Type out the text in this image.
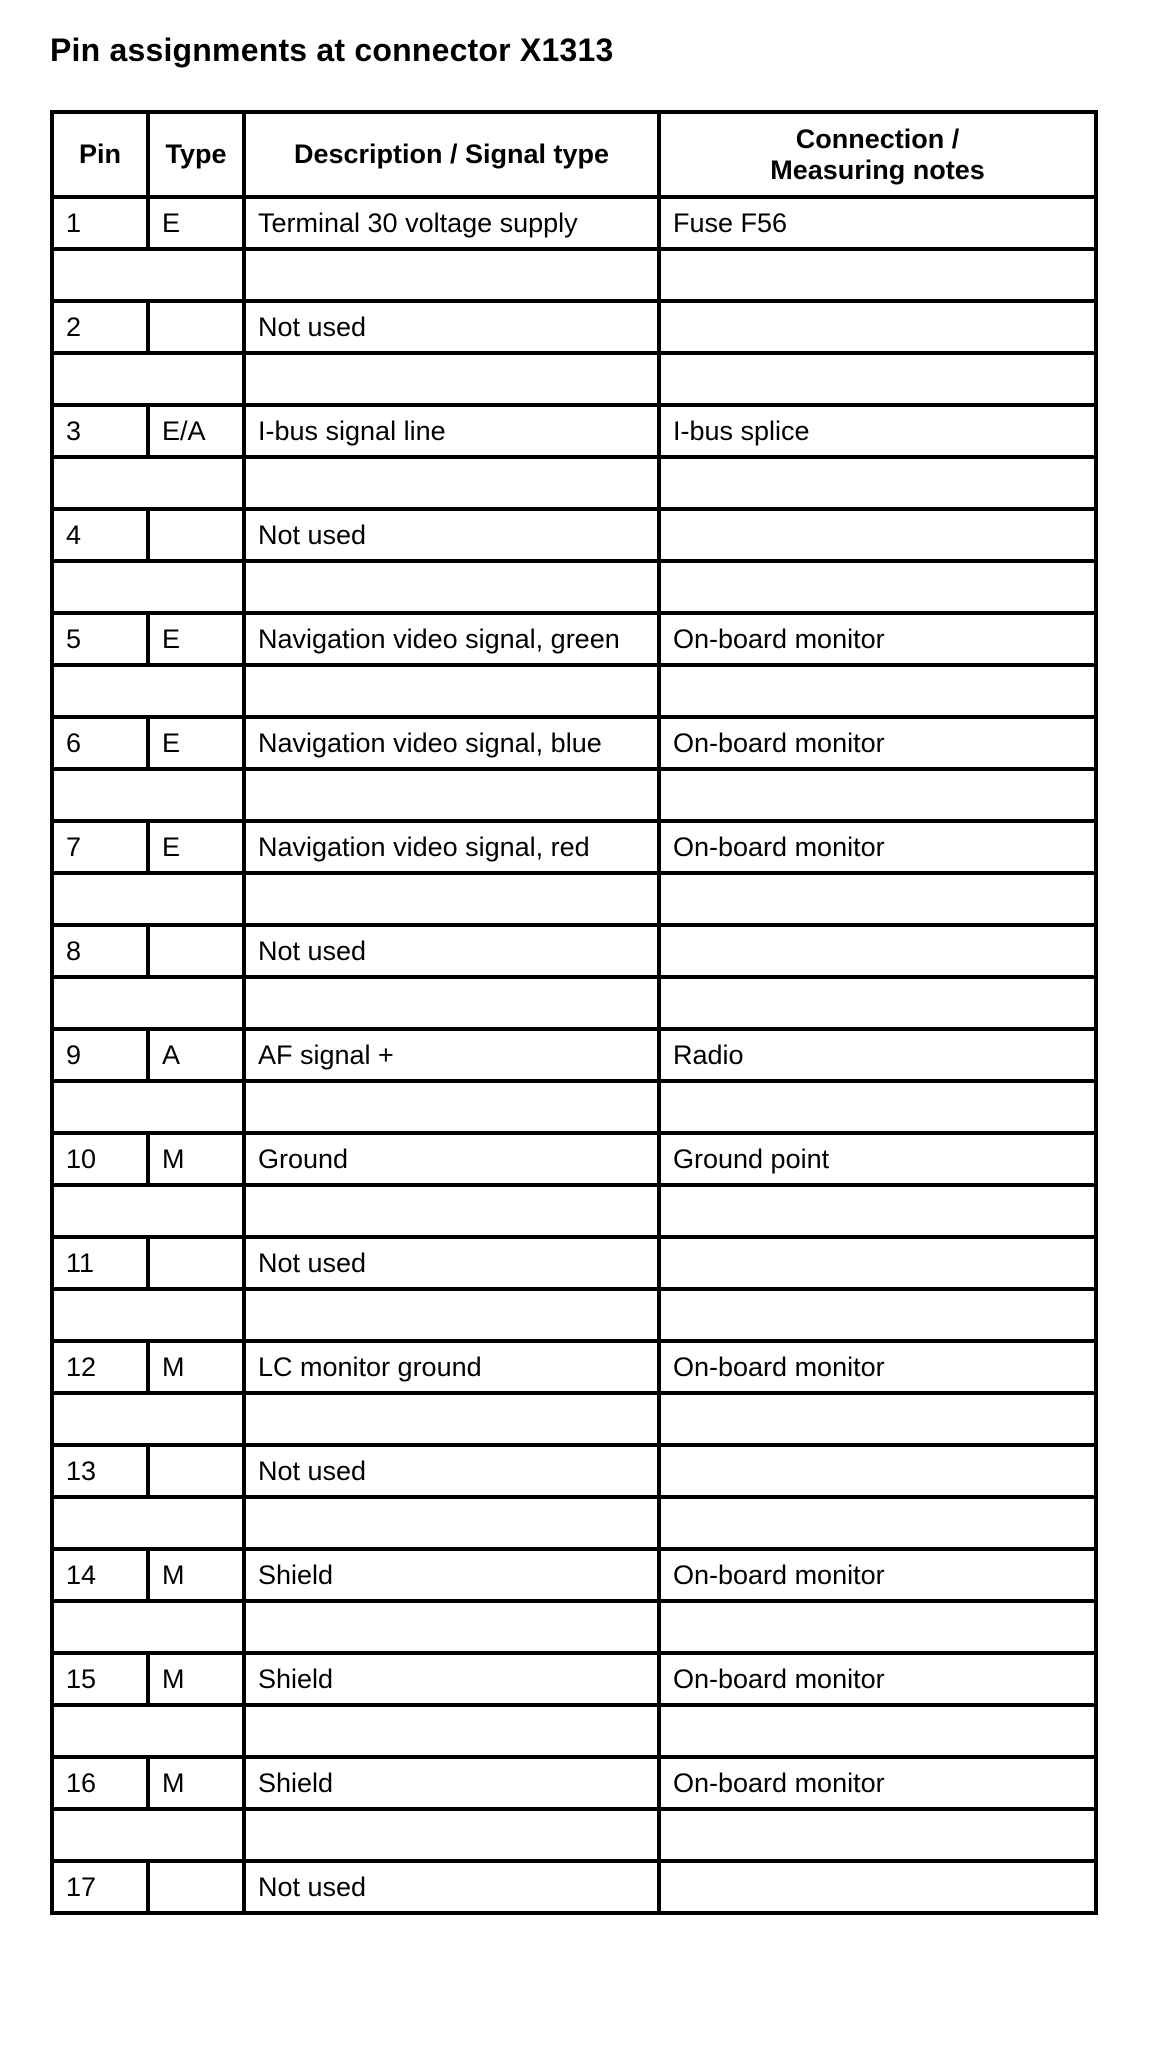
Pin assignments at connector X1313
Pin	Type	Description / Signal type	Connection /
Measuring notes

1	E	Terminal 30 voltage supply	Fuse F56

2		Not used	

3	E/A	I-bus signal line	I-bus splice

4		Not used	

5	E	Navigation video signal, green	On-board monitor

6	E	Navigation video signal, blue	On-board monitor

7	E	Navigation video signal, red	On-board monitor

8		Not used	

9	A	AF signal +	Radio

10	M	Ground	Ground point

11		Not used	

12	M	LC monitor ground	On-board monitor

13		Not used	

14	M	Shield	On-board monitor

15	M	Shield	On-board monitor

16	M	Shield	On-board monitor

17		Not used	
